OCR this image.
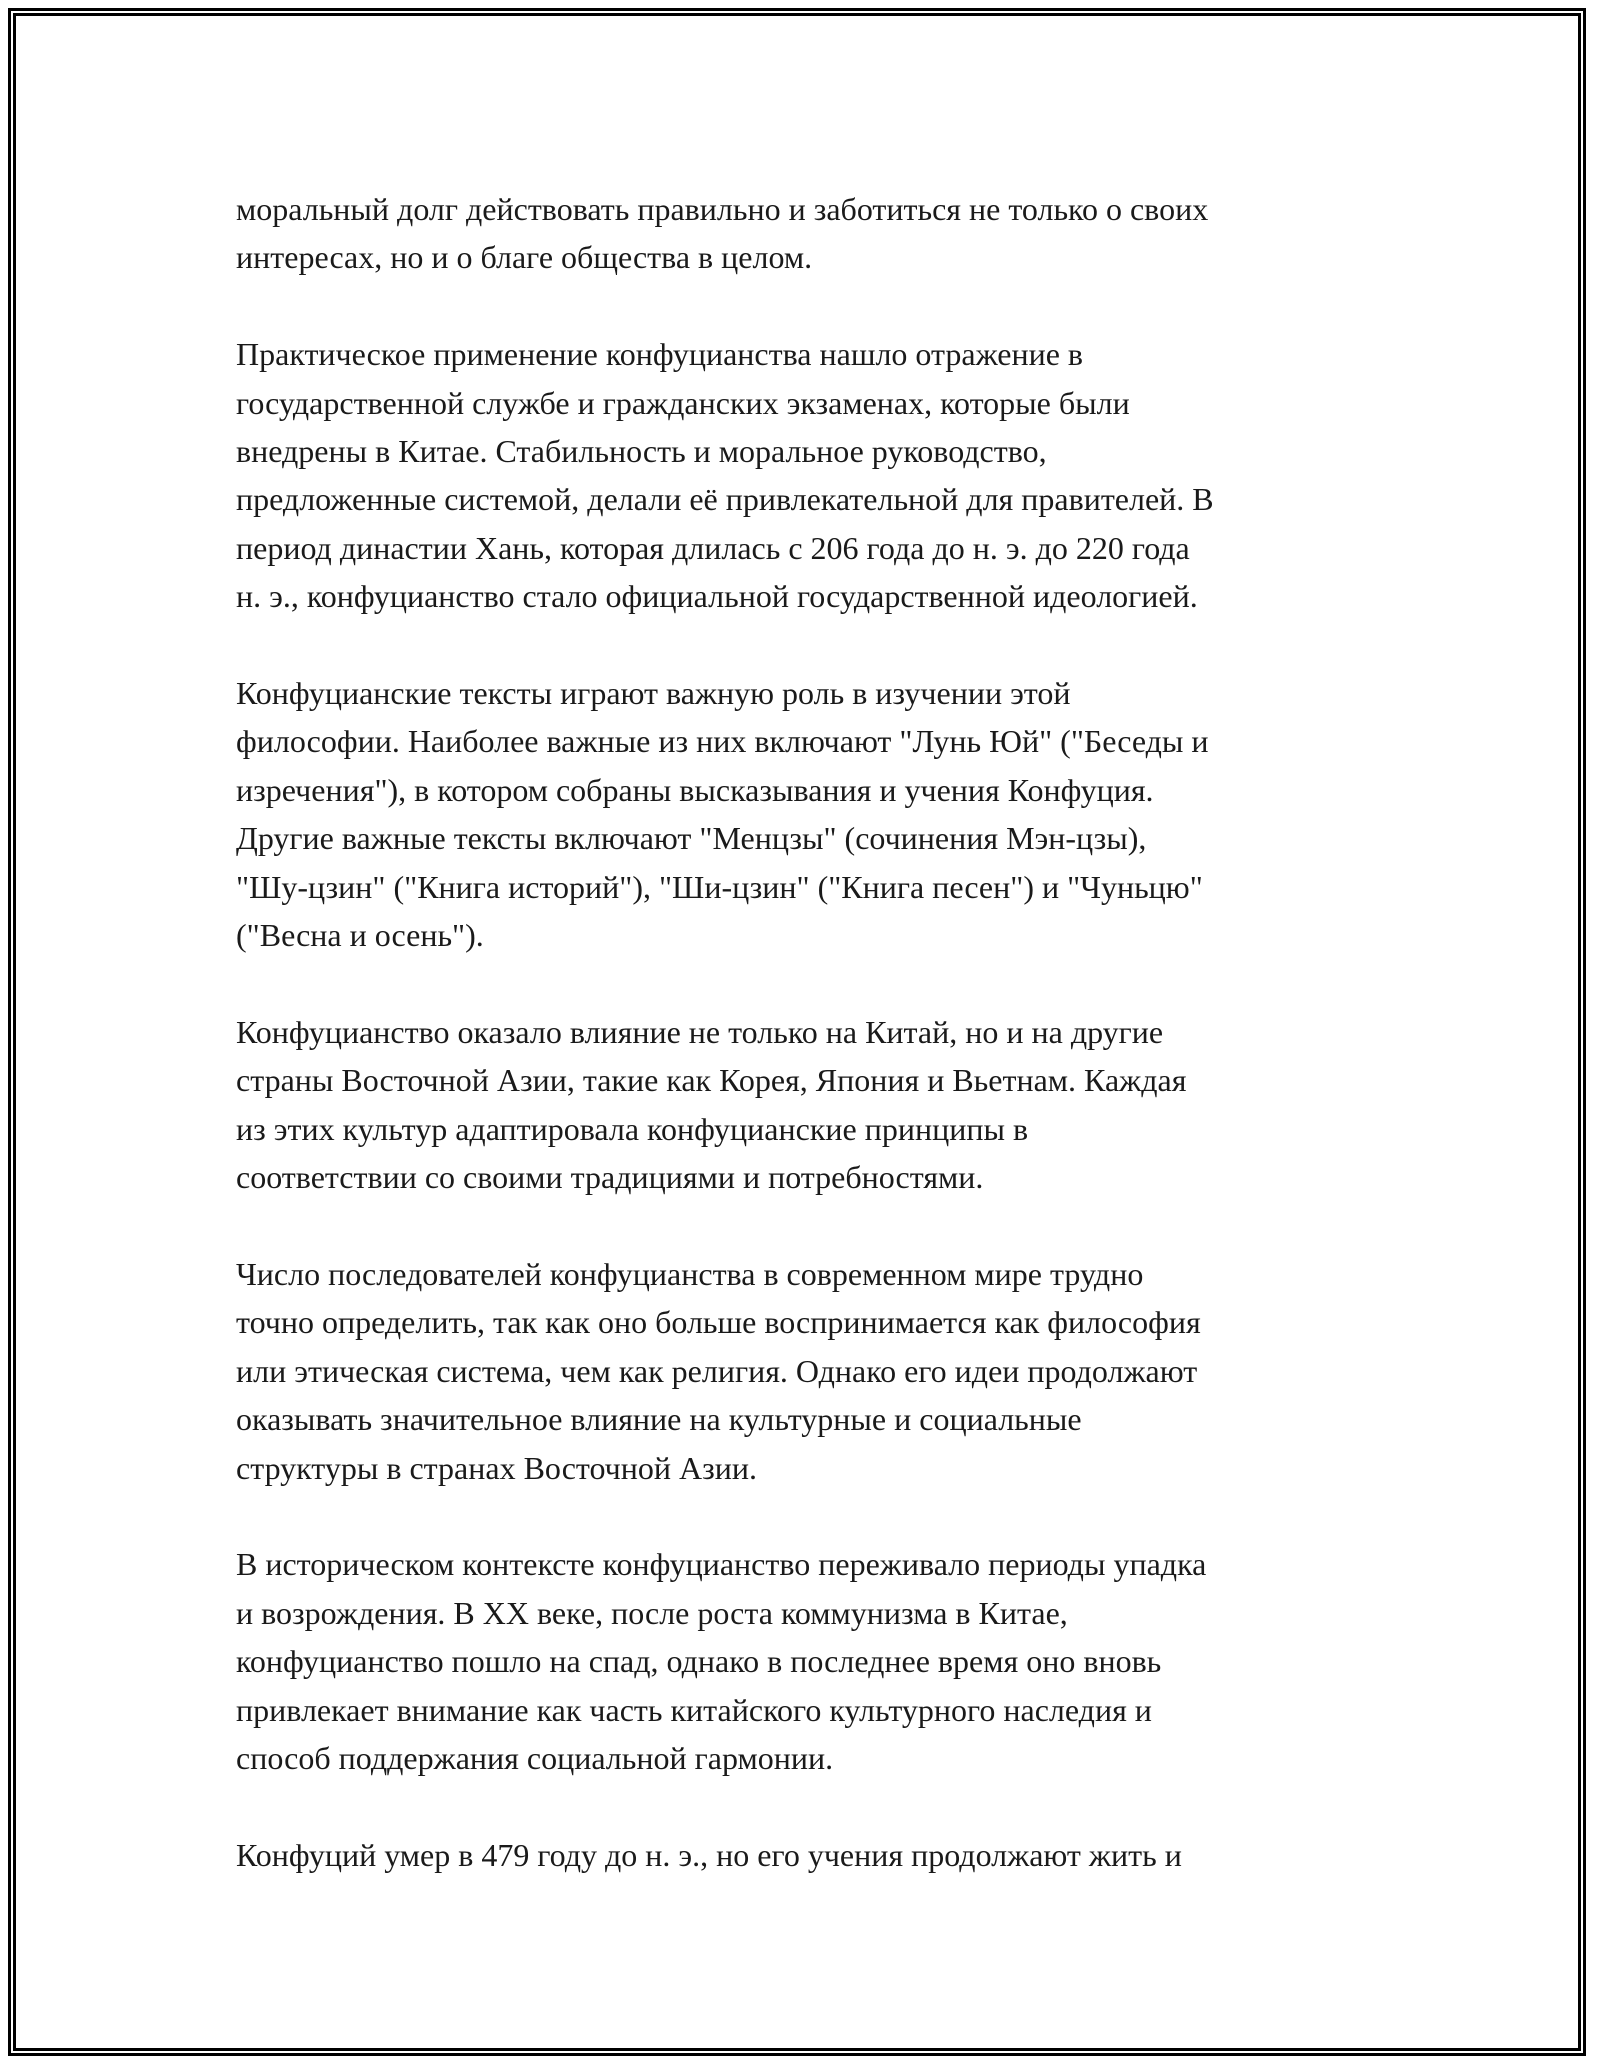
моральный долг действовать правильно и заботиться не только о своих
интересах, но и о благе общества в целом.

Практическое применение конфуцианства нашло отражение в
государственной службе и гражданских экзаменах, которые были
внедрены в Китае. Стабильность и моральное руководство,
предложенные системой, делали её привлекательной для правителей. В
период династии Хань, которая длилась с 206 года до н. э. до 220 года
н. э., конфуцианство стало официальной государственной идеологией.

Конфуцианские тексты играют важную роль в изучении этой
философии. Наиболее важные из них включают "Лунь Юй" ("Беседы и
изречения"), в котором собраны высказывания и учения Конфуция.
Другие важные тексты включают "Менцзы" (сочинения Мэн-цзы),
"Шу-цзин" ("Книга историй"), "Ши-цзин" ("Книга песен") и "Чуньцю"
("Весна и осень").

Конфуцианство оказало влияние не только на Китай, но и на другие
страны Восточной Азии, такие как Корея, Япония и Вьетнам. Каждая
из этих культур адаптировала конфуцианские принципы в
соответствии со своими традициями и потребностями.

Число последователей конфуцианства в современном мире трудно
точно определить, так как оно больше воспринимается как философия
или этическая система, чем как религия. Однако его идеи продолжают
оказывать значительное влияние на культурные и социальные
структуры в странах Восточной Азии.

В историческом контексте конфуцианство переживало периоды упадка
и возрождения. В XX веке, после роста коммунизма в Китае,
конфуцианство пошло на спад, однако в последнее время оно вновь
привлекает внимание как часть китайского культурного наследия и
способ поддержания социальной гармонии.

Конфуций умер в 479 году до н. э., но его учения продолжают жить и
